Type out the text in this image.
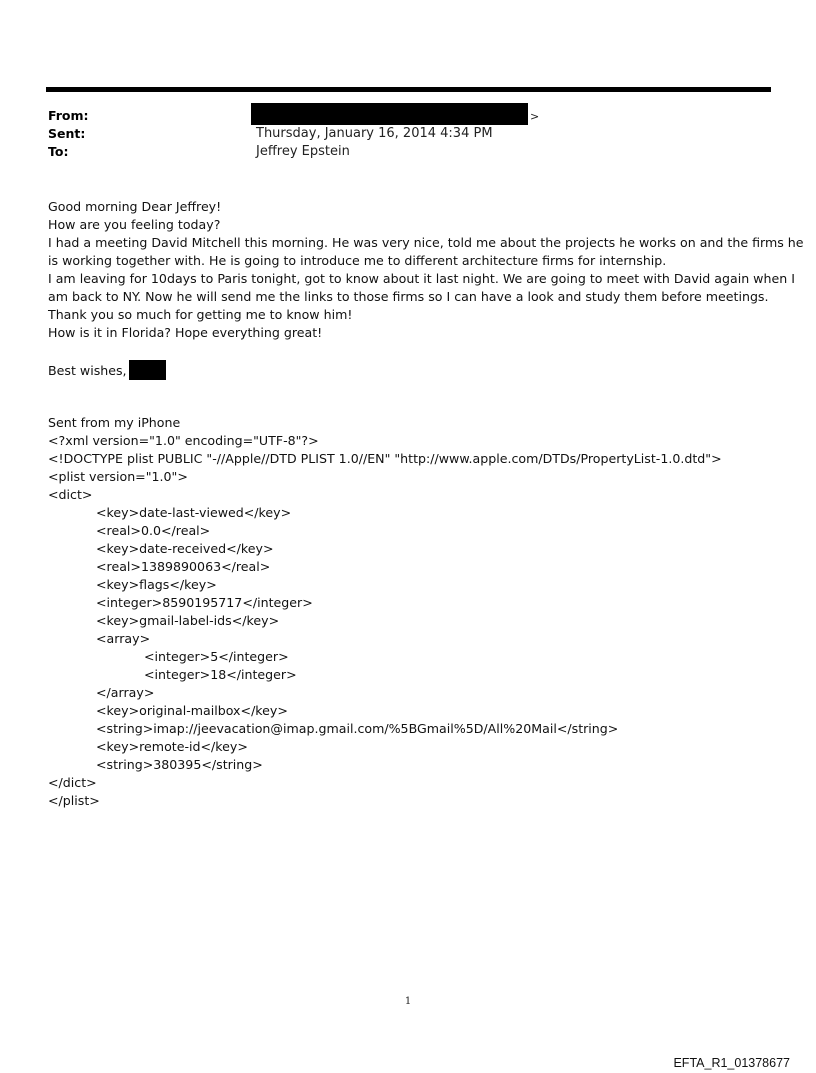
From:	>
Sent:	Thursday, January 16, 2014 4:34 PM
To:	Jeffrey Epstein
Good morning Dear Jeffrey!
How are you feeling today?
I had a meeting David Mitchell this morning. He was very nice, told me about the projects he works on and the firms he
is working together with. He is going to introduce me to different architecture firms for internship.
I am leaving for 10days to Paris tonight, got to know about it last night. We are going to meet with David again when I
am back to NY. Now he will send me the links to those firms so I can have a look and study them before meetings.
Thank you so much for getting me to know him!
How is it in Florida? Hope everything great!
Best wishes,
Sent from my iPhone
<?xml version="1.0" encoding="UTF-8"?>
<!DOCTYPE plist PUBLIC "-//Apple//DTD PLIST 1.0//EN" "http://www.apple.com/DTDs/PropertyList-1.0.dtd">
<plist version="1.0">
<dict>
<key>date-last-viewed</key>
<real>0.0</real>
<key>date-received</key>
<real>1389890063</real>
<key>flags</key>
<integer>8590195717</integer>
<key>gmail-label-ids</key>
<array>
<integer>5</integer>
<integer>18</integer>
</array>
<key>original-mailbox</key>
<string>imap://jeevacation@imap.gmail.com/%5BGmail%5D/All%20Mail</string>
<key>remote-id</key>
<string>380395</string>
</dict>
</plist>
1
EFTA_R1_01378677
